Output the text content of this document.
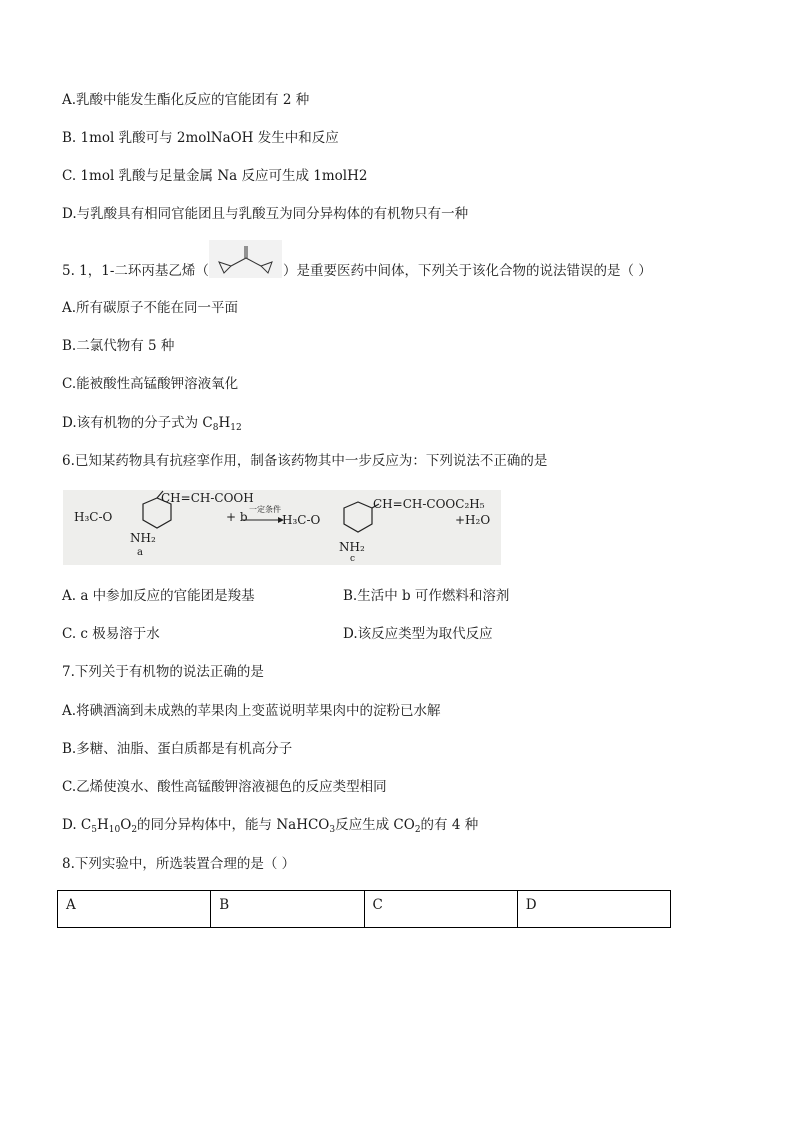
A.乳酸中能发生酯化反应的官能团有 2 种
B. 1mol 乳酸可与 2molNaOH 发生中和反应
C. 1mol 乳酸与足量金属 Na 反应可生成 1molH2
D.与乳酸具有相同官能团且与乳酸互为同分异构体的有机物只有一种
5. 1，1-二环丙基乙烯（	）是重要医药中间体，下列关于该化合物的说法错误的是（ ）
A.所有碳原子不能在同一平面
B.二氯代物有 5 种
C.能被酸性高锰酸钾溶液氧化
D.该有机物的分子式为 $C_8H_{12}$
6.已知某药物具有抗痉挛作用，制备该药物其中一步反应为：下列说法不正确的是
CH=CH-COOH
H₃C-O
NH₂
a
+ b
一定条件
H₃C-O
CH=CH-COOC₂H₅
+H₂O
NH₂
c
A. a 中参加反应的官能团是羧基	B.生活中 b 可作燃料和溶剂
C. c 极易溶于水	D.该反应类型为取代反应
7.下列关于有机物的说法正确的是
A.将碘酒滴到未成熟的苹果肉上变蓝说明苹果肉中的淀粉已水解
B.多糖、油脂、蛋白质都是有机高分子
C.乙烯使溴水、酸性高锰酸钾溶液褪色的反应类型相同
D. $C_5H_{10}O_2$的同分异构体中，能与 NaHCO$_3$反应生成 $CO_2$的有 4 种
8.下列实验中，所选装置合理的是（ ）
A	B	C	D
